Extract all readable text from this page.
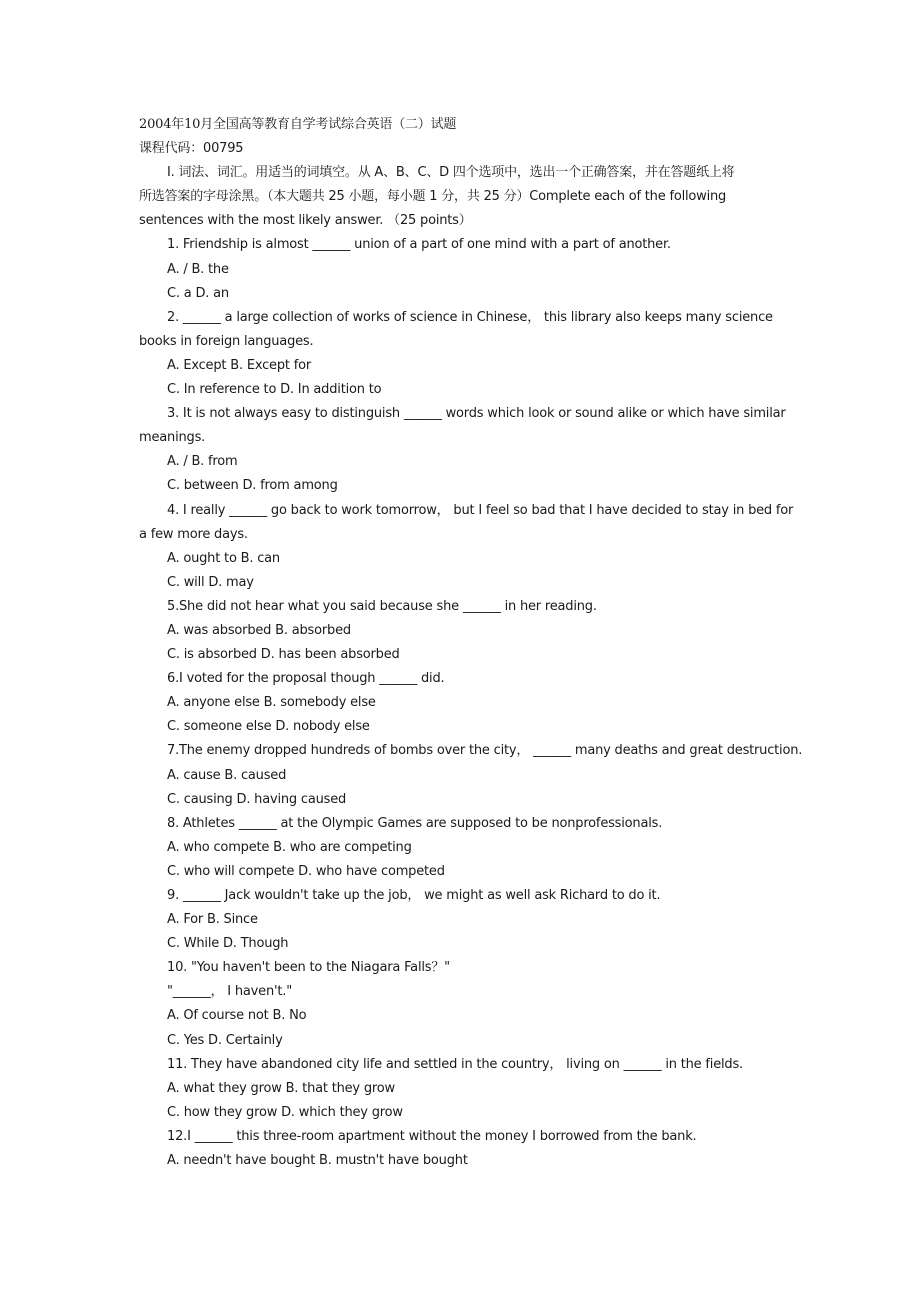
2004年10月全国高等教育自学考试综合英语（二）试题
课程代码：00795
I. 词法、词汇。用适当的词填空。从 A、B、C、D 四个选项中，选出一个正确答案，并在答题纸上将
所选答案的字母涂黑。（本大题共 25 小题，每小题 1 分，共 25 分）Complete each of the following
sentences with the most likely answer. （25 points）
1. Friendship is almost ______ union of a part of one mind with a part of another.
A. / B. the
C. a D. an
2. ______ a large collection of works of science in Chinese， this library also keeps many science
books in foreign languages.
A. Except B. Except for
C. In reference to D. In addition to
3. It is not always easy to distinguish ______ words which look or sound alike or which have similar
meanings.
A. / B. from
C. between D. from among
4. I really ______ go back to work tomorrow， but I feel so bad that I have decided to stay in bed for
a few more days.
A. ought to B. can
C. will D. may
5.She did not hear what you said because she ______ in her reading.
A. was absorbed B. absorbed
C. is absorbed D. has been absorbed
6.I voted for the proposal though ______ did.
A. anyone else B. somebody else
C. someone else D. nobody else
7.The enemy dropped hundreds of bombs over the city， ______ many deaths and great destruction.
A. cause B. caused
C. causing D. having caused
8. Athletes ______ at the Olympic Games are supposed to be nonprofessionals.
A. who compete B. who are competing
C. who will compete D. who have competed
9. ______ Jack wouldn't take up the job， we might as well ask Richard to do it.
A. For B. Since
C. While D. Though
10. "You haven't been to the Niagara Falls？"
"______， I haven't."
A. Of course not B. No
C. Yes D. Certainly
11. They have abandoned city life and settled in the country， living on ______ in the fields.
A. what they grow B. that they grow
C. how they grow D. which they grow
12.I ______ this three-room apartment without the money I borrowed from the bank.
A. needn't have bought B. mustn't have bought
